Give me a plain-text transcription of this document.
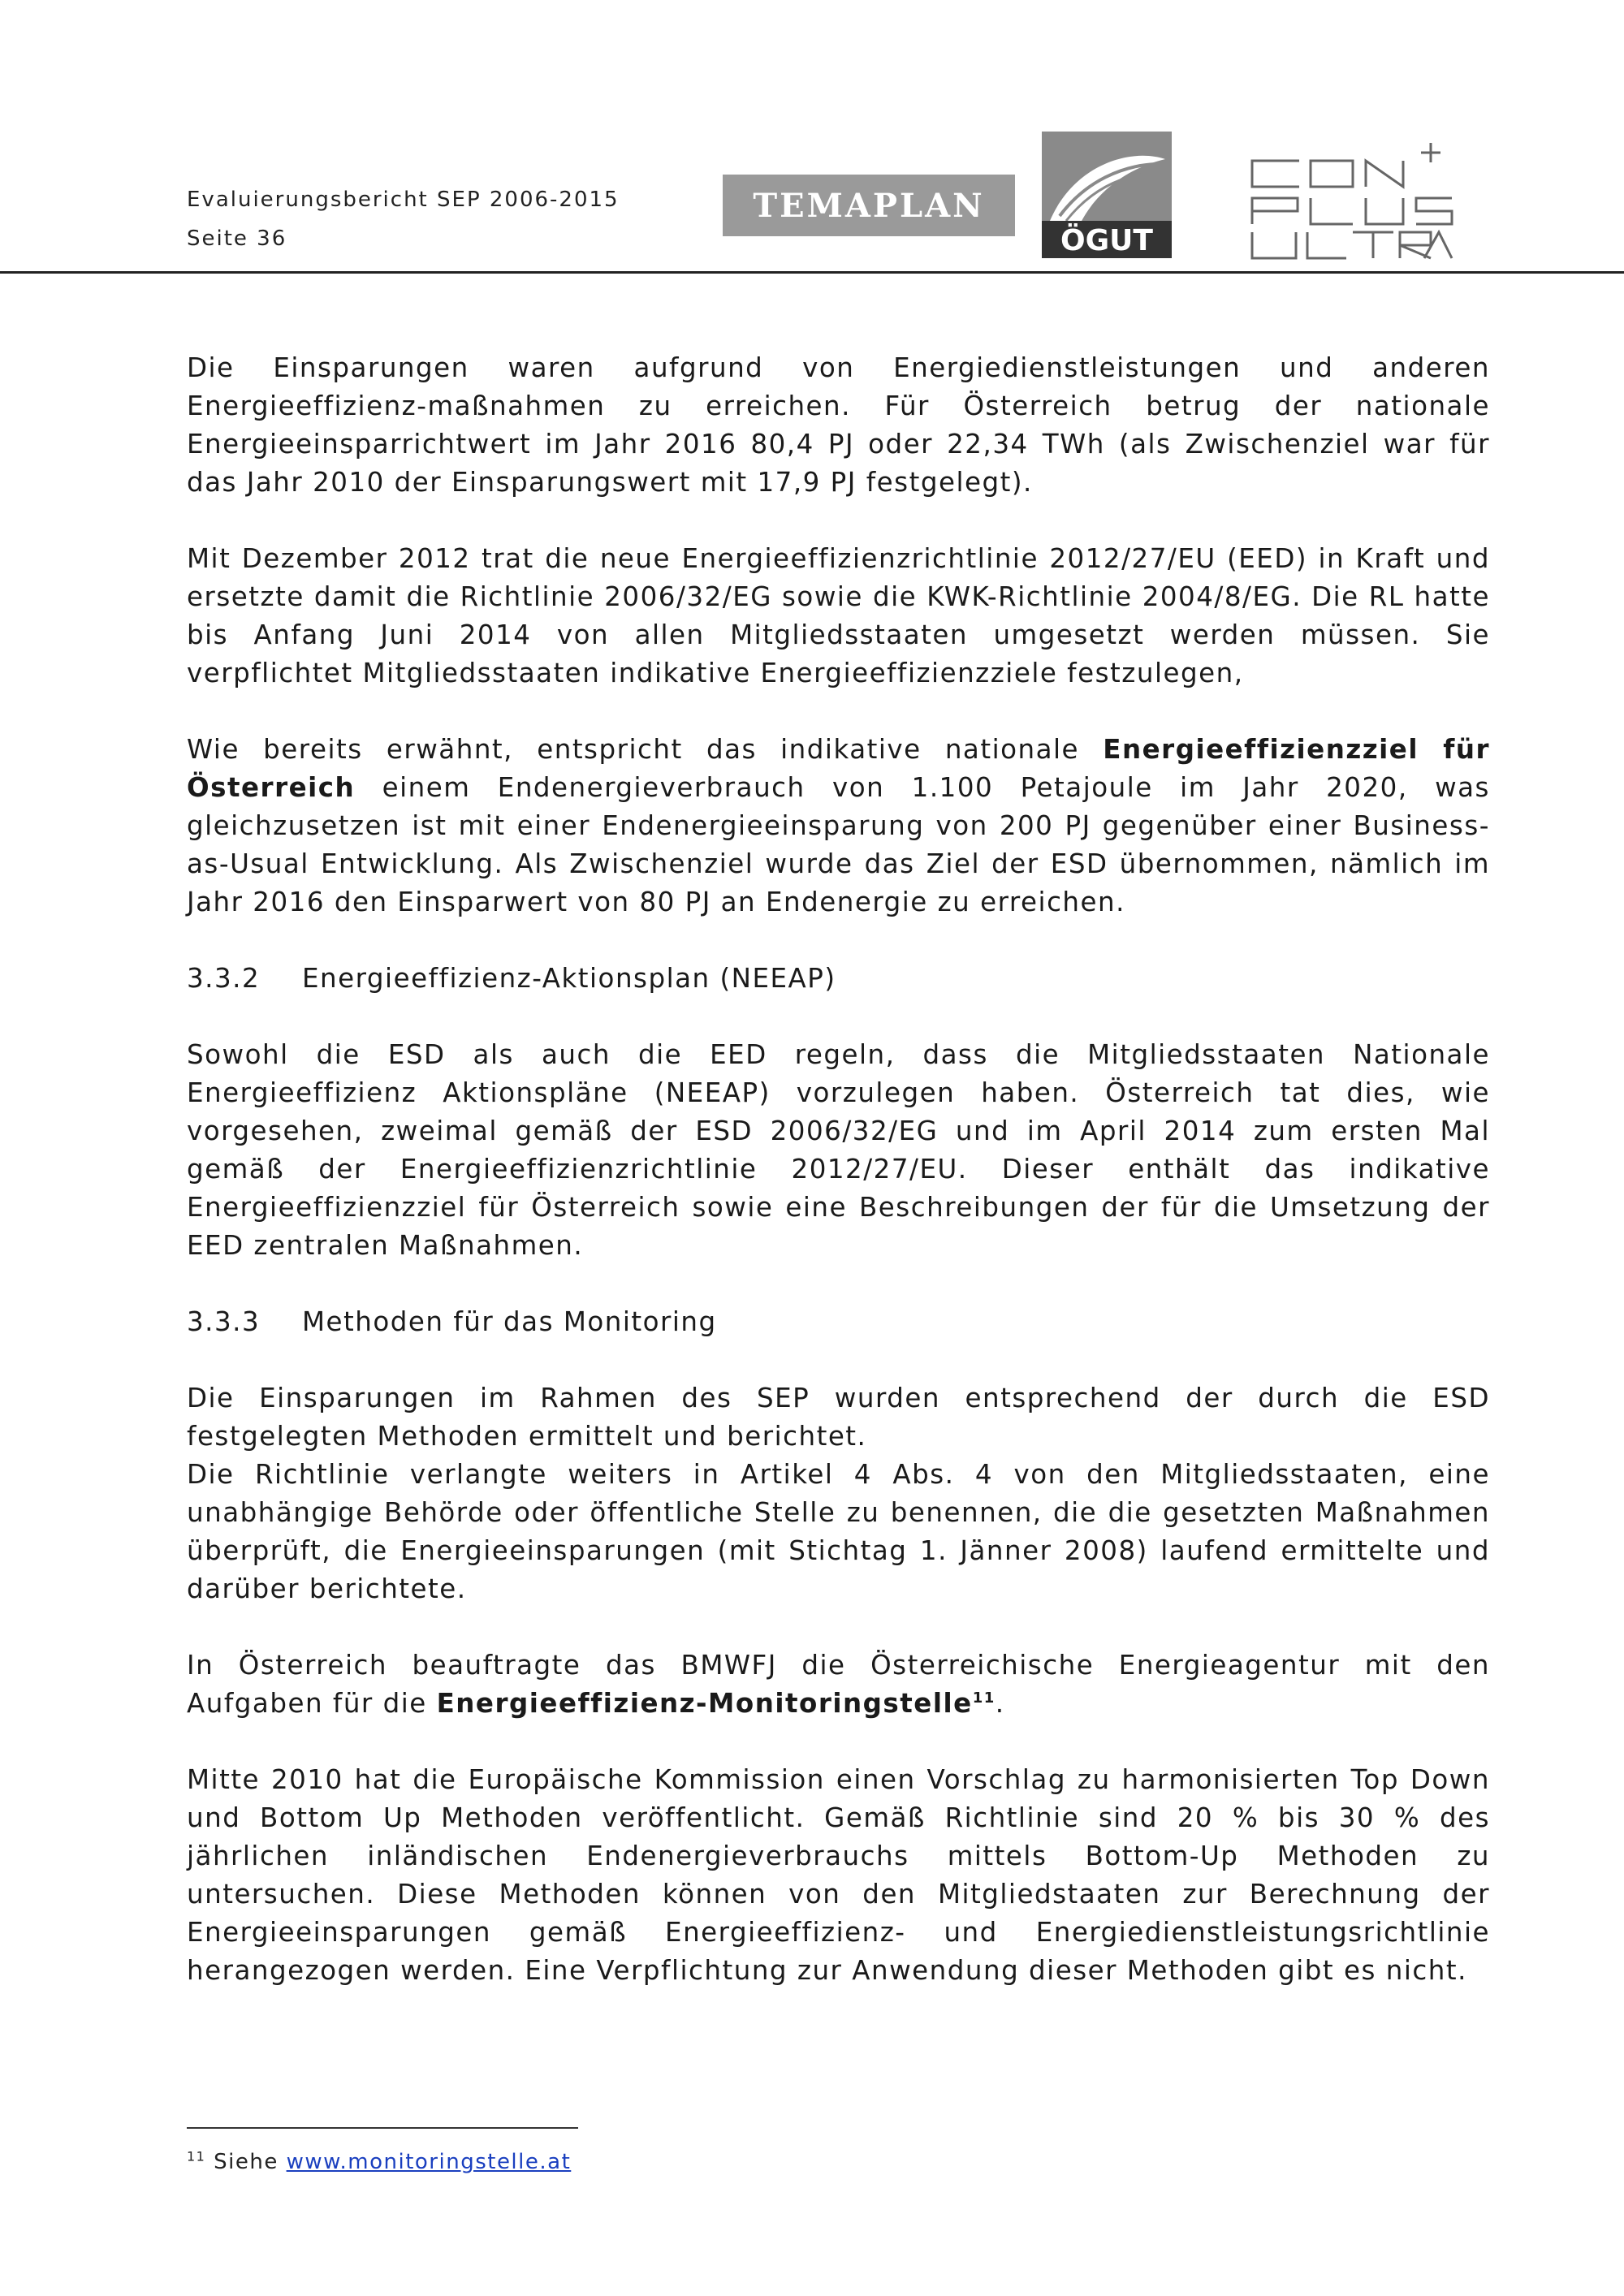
Evaluierungsbericht SEP 2006-2015
Seite 36
TEMAPLAN
ÖGUT

Die Einsparungen waren aufgrund von Energiedienstleistungen und anderen Energieeffizienz-maßnahmen zu erreichen. Für Österreich betrug der nationale Energieeinsparrichtwert im Jahr 2016 80,4 PJ oder 22,34 TWh (als Zwischenziel war für das Jahr 2010 der Einsparungswert mit 17,9 PJ festgelegt).

Mit Dezember 2012 trat die neue Energieeffizienzrichtlinie 2012/27/EU (EED) in Kraft und ersetzte damit die Richtlinie 2006/32/EG sowie die KWK-Richtlinie 2004/8/EG. Die RL hatte bis Anfang Juni 2014 von allen Mitgliedsstaaten umgesetzt werden müssen. Sie verpflichtet Mitgliedsstaaten indikative Energieeffizienzziele festzulegen,

Wie bereits erwähnt, entspricht das indikative nationale Energieeffizienzziel für Österreich einem Endenergieverbrauch von 1.100 Petajoule im Jahr 2020, was gleichzusetzen ist mit einer Endenergieeinsparung von 200 PJ gegenüber einer Business-as-Usual Entwicklung. Als Zwischenziel wurde das Ziel der ESD übernommen, nämlich im Jahr 2016 den Einsparwert von 80 PJ an Endenergie zu erreichen.

3.3.2	Energieeffizienz-Aktionsplan (NEEAP)

Sowohl die ESD als auch die EED regeln, dass die Mitgliedsstaaten Nationale Energieeffizienz Aktionspläne (NEEAP) vorzulegen haben. Österreich tat dies, wie vorgesehen, zweimal gemäß der ESD 2006/32/EG und im April 2014 zum ersten Mal gemäß der Energieeffizienzrichtlinie 2012/27/EU. Dieser enthält das indikative Energieeffizienzziel für Österreich sowie eine Beschreibungen der für die Umsetzung der EED zentralen Maßnahmen.

3.3.3	Methoden für das Monitoring

Die Einsparungen im Rahmen des SEP wurden entsprechend der durch die ESD festgelegten Methoden ermittelt und berichtet.

Die Richtlinie verlangte weiters in Artikel 4 Abs. 4 von den Mitgliedsstaaten, eine unabhängige Behörde oder öffentliche Stelle zu benennen, die die gesetzten Maßnahmen überprüft, die Energieeinsparungen (mit Stichtag 1. Jänner 2008) laufend ermittelte und darüber berichtete.

In Österreich beauftragte das BMWFJ die Österreichische Energieagentur mit den Aufgaben für die Energieeffizienz-Monitoringstelle$^{11}$.

Mitte 2010 hat die Europäische Kommission einen Vorschlag zu harmonisierten Top Down und Bottom Up Methoden veröffentlicht. Gemäß Richtlinie sind 20 % bis 30 % des jährlichen inländischen Endenergieverbrauchs mittels Bottom-Up Methoden zu untersuchen. Diese Methoden können von den Mitgliedstaaten zur Berechnung der Energieeinsparungen gemäß Energieeffizienz- und Energiedienstleistungsrichtlinie herangezogen werden. Eine Verpflichtung zur Anwendung dieser Methoden gibt es nicht.

$^{11}$ Siehe www.monitoringstelle.at
